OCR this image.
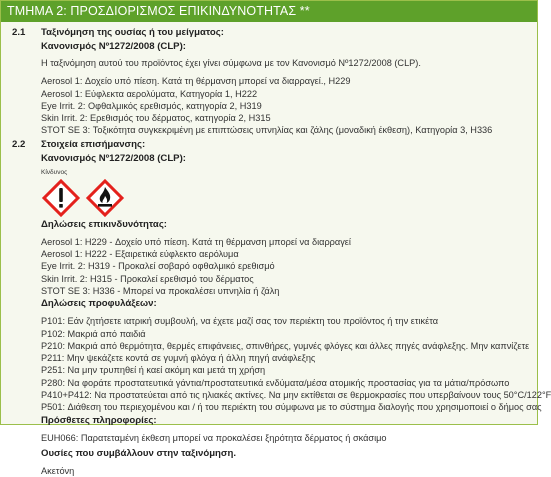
ΤΜΗΜΑ 2: ΠΡΟΣΔΙΟΡΙΣΜΟΣ ΕΠΙΚΙΝΔΥΝΟΤΗΤΑΣ **
2.1 Ταξινόμηση της ουσίας ή του μείγματος:
Κανονισμός Nº1272/2008 (CLP):
Η ταξινόμηση αυτού του προϊόντος έχει γίνει σύμφωνα με τον Κανονισμό Nº1272/2008 (CLP).
Aerosol 1: Δοχείο υπό πίεση. Κατά τη θέρμανση μπορεί να διαρραγεί., H229
Aerosol 1: Εύφλεκτα αερολύματα, Κατηγορία 1, H222
Eye Irrit. 2: Οφθαλμικός ερεθισμός, κατηγορία 2, H319
Skin Irrit. 2: Ερεθισμός του δέρματος, κατηγορία 2, H315
STOT SE 3: Τοξικότητα συγκεκριμένη με επιπτώσεις υπνηλίας και ζάλης (μοναδική έκθεση), Κατηγορία 3, H336
2.2 Στοιχεία επισήμανσης:
Κανονισμός Nº1272/2008 (CLP):
Κίνδυνος
Δηλώσεις επικινδυνότητας:
Aerosol 1: H229 - Δοχείο υπό πίεση. Κατά τη θέρμανση μπορεί να διαρραγεί
Aerosol 1: H222 - Εξαιρετικά εύφλεκτο αερόλυμα
Eye Irrit. 2: H319 - Προκαλεί σοβαρό οφθαλμικό ερεθισμό
Skin Irrit. 2: H315 - Προκαλεί ερεθισμό του δέρματος
STOT SE 3: H336 - Μπορεί να προκαλέσει υπνηλία ή ζάλη
Δηλώσεις προφυλάξεων:
P101: Εάν ζητήσετε ιατρική συμβουλή, να έχετε μαζί σας τον περιέκτη του προϊόντος ή την ετικέτα
P102: Μακριά από παιδιά
P210: Μακριά από θερμότητα, θερμές επιφάνειες, σπινθήρες, γυμνές φλόγες και άλλες πηγές ανάφλεξης. Μην καπνίζετε
P211: Μην ψεκάζετε κοντά σε γυμνή φλόγα ή άλλη πηγή ανάφλεξης
P251: Να μην τρυπηθεί ή καεί ακόμη και μετά τη χρήση
P280: Να φοράτε προστατευτικά γάντια/προστατευτικά ενδύματα/μέσα ατομικής προστασίας για τα μάτια/πρόσωπο
P410+P412: Να προστατεύεται από τις ηλιακές ακτίνες. Να μην εκτίθεται σε θερμοκρασίες που υπερβαίνουν τους 50°C/122°F
P501: Διάθεση του περιεχομένου και / ή του περιέκτη του σύμφωνα με το σύστημα διαλογής που χρησιμοποιεί ο δήμος σας
Πρόσθετες πληροφορίες:
EUH066: Παρατεταμένη έκθεση μπορεί να προκαλέσει ξηρότητα δέρματος ή σκάσιμο
Ουσίες που συμβάλλουν στην ταξινόμηση.
Ακετόνη
